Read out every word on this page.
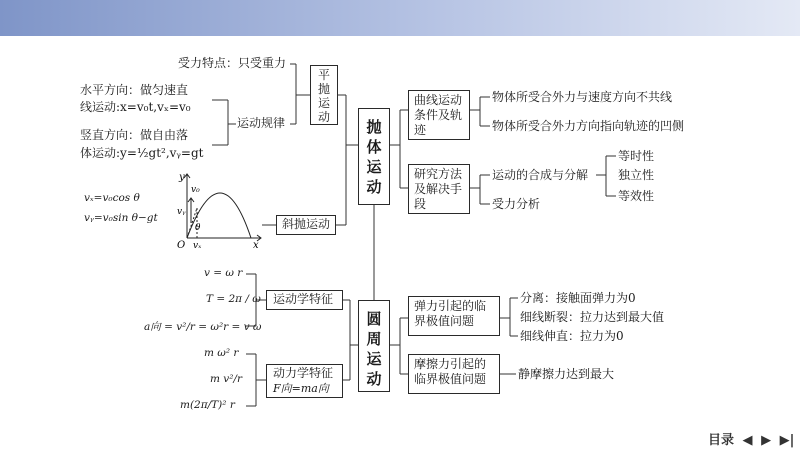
抛体运动
圆周运动
平抛运动
受力特点：只受重力
运动规律
水平方向：做匀速直
线运动:x=v₀t,vₓ=v₀
竖直方向：做自由落
体运动:y=½gt²,vᵧ=gt
斜抛运动
vₓ=v₀cos θ
vᵧ=v₀sin θ−gt
y
x
O
v₀
vᵧ
vₓ
θ
曲线运动条件及轨迹
物体所受合外力与速度方向不共线
物体所受合外力方向指向轨迹的凹侧
研究方法及解决手段
运动的合成与分解
受力分析
等时性
独立性
等效性
运动学特征
v = ω r
T = 2π / ω
a向 = v²/r = ω²r = v ω
动力学特征
F向=ma向
m ω² r
m v²/r
m(2π/T)² r
弹力引起的临界极值问题
分离：接触面弹力为0
细线断裂：拉力达到最大值
细线伸直：拉力为0
摩擦力引起的临界极值问题	静摩擦力达到最大
目录 ◀ ▶ ▶|
